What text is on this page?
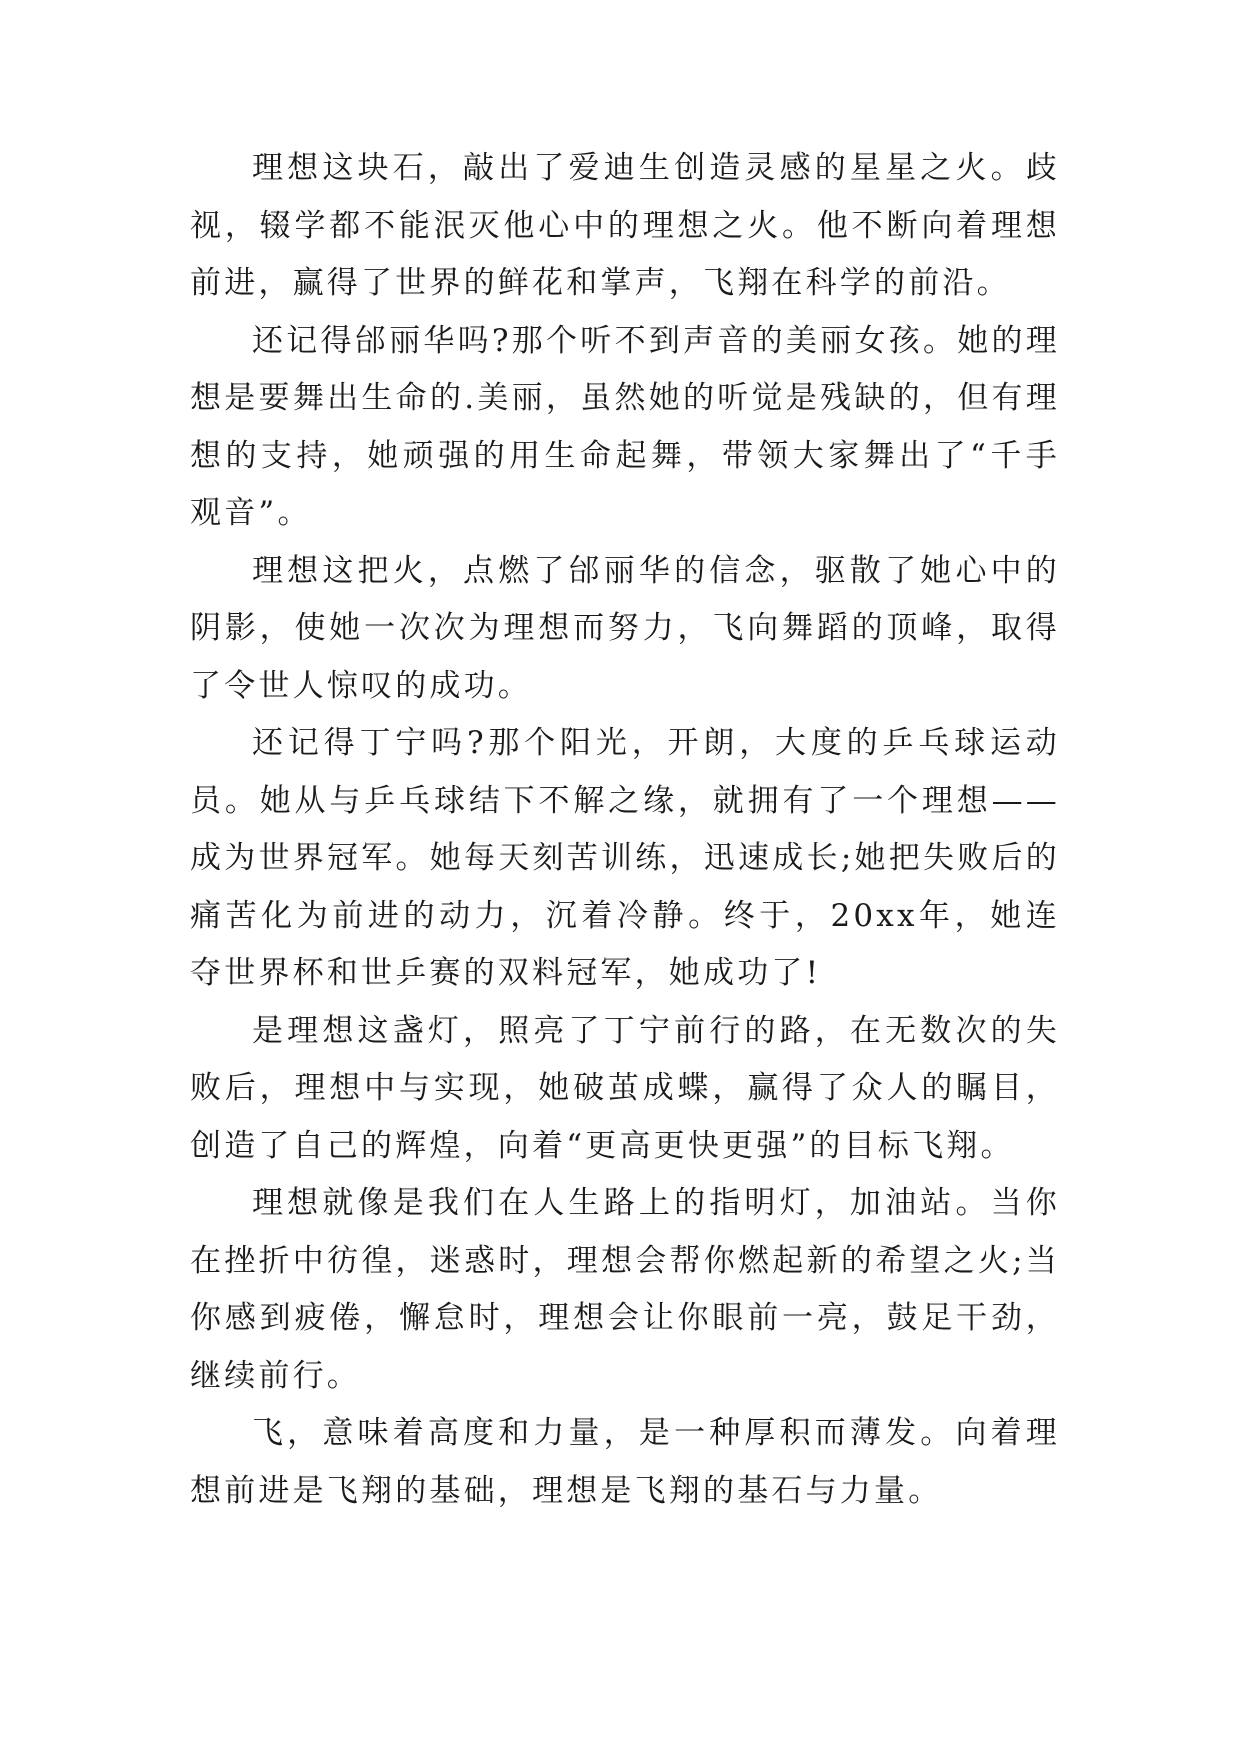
理想这块石，敲出了爱迪生创造灵感的星星之火。歧视，辍学都不能泯灭他心中的理想之火。他不断向着理想前进，赢得了世界的鲜花和掌声，飞翔在科学的前沿。

还记得邰丽华吗?那个听不到声音的美丽女孩。她的理想是要舞出生命的.美丽，虽然她的听觉是残缺的，但有理想的支持，她顽强的用生命起舞，带领大家舞出了“千手观音”。

理想这把火，点燃了邰丽华的信念，驱散了她心中的阴影，使她一次次为理想而努力，飞向舞蹈的顶峰，取得了令世人惊叹的成功。

还记得丁宁吗?那个阳光，开朗，大度的乒乓球运动员。她从与乒乓球结下不解之缘，就拥有了一个理想——成为世界冠军。她每天刻苦训练，迅速成长;她把失败后的痛苦化为前进的动力，沉着冷静。终于，20xx年，她连夺世界杯和世乒赛的双料冠军，她成功了!

是理想这盏灯，照亮了丁宁前行的路，在无数次的失败后，理想中与实现，她破茧成蝶，赢得了众人的瞩目，创造了自己的辉煌，向着“更高更快更强”的目标飞翔。

理想就像是我们在人生路上的指明灯，加油站。当你在挫折中彷徨，迷惑时，理想会帮你燃起新的希望之火;当你感到疲倦，懈怠时，理想会让你眼前一亮，鼓足干劲，继续前行。

飞，意味着高度和力量，是一种厚积而薄发。向着理想前进是飞翔的基础，理想是飞翔的基石与力量。
